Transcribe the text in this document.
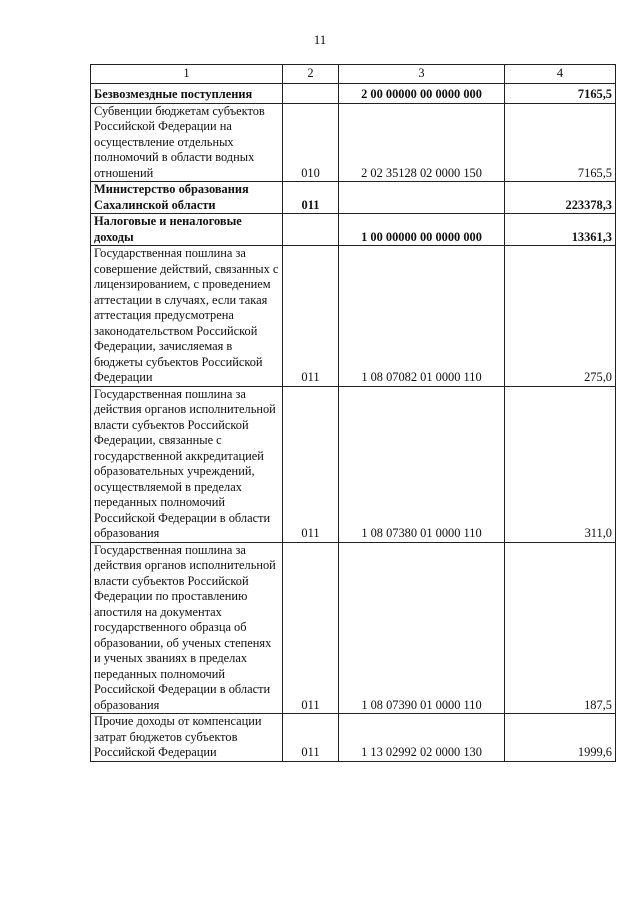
11
1	2	3	4
Безвозмездные поступления		2 00 00000 00 0000 000	7165,5
Субвенции бюджетам субъектов Российской Федерации на осуществление отдельных полномочий в области водных отношений	010	2 02 35128 02 0000 150	7165,5
Министерство образования Сахалинской области	011		223378,3
Налоговые и неналоговые доходы		1 00 00000 00 0000 000	13361,3
Государственная пошлина за совершение действий, связанных с лицензированием, с проведением аттестации в случаях, если такая аттестация предусмотрена законодательством Российской Федерации, зачисляемая в бюджеты субъектов Российской Федерации	011	1 08 07082 01 0000 110	275,0
Государственная пошлина за действия органов исполнительной власти субъектов Российской Федерации, связанные с государственной аккредитацией образовательных учреждений, осуществляемой в пределах переданных полномочий Российской Федерации в области образования	011	1 08 07380 01 0000 110	311,0
Государственная пошлина за действия органов исполнительной власти субъектов Российской Федерации по проставлению апостиля на документах государственного образца об образовании, об ученых степенях и ученых званиях в пределах переданных полномочий Российской Федерации в области образования	011	1 08 07390 01 0000 110	187,5
Прочие доходы от компенсации затрат бюджетов субъектов Российской Федерации	011	1 13 02992 02 0000 130	1999,6
